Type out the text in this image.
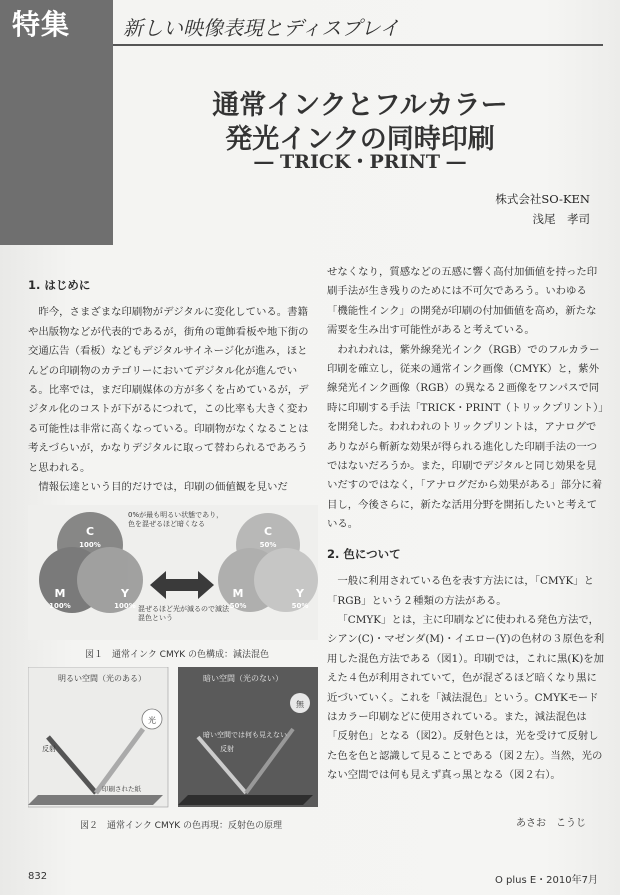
特集	新しい映像表現とディスプレイ
通常インクとフルカラー
発光インクの同時印刷
― TRICK・PRINT ―
株式会社SO-KEN
浅尾　孝司
1. はじめに

昨今，さまざまな印刷物がデジタルに変化している。書籍や出版物などが代表的であるが，街角の電飾看板や地下街の交通広告（看板）などもデジタルサイネージ化が進み，ほとんどの印刷物のカテゴリーにおいてデジタル化が進んでいる。比率では，まだ印刷媒体の方が多くを占めているが，デジタル化のコストが下がるにつれて，この比率も大きく変わる可能性は非常に高くなっている。印刷物がなくなることは考えづらいが，かなりデジタルに取って替わられるであろうと思われる。

情報伝達という目的だけでは，印刷の価値観を見いだ

せなくなり，質感などの五感に響く高付加価値を持った印刷手法が生き残りのためには不可欠であろう。いわゆる「機能性インク」の開発が印刷の付加価値を高め，新たな需要を生み出す可能性があると考えている。

われわれは，紫外線発光インク（RGB）でのフルカラー印刷を確立し，従来の通常インク画像（CMYK）と，紫外線発光インク画像（RGB）の異なる２画像をワンパスで同時に印刷する手法「TRICK・PRINT（トリックプリント）」を開発した。われわれのトリックプリントは，アナログでありながら斬新な効果が得られる進化した印刷手法の一つではないだろうか。また，印刷でデジタルと同じ効果を見いだすのではなく，「アナログだから効果がある」部分に着目し，今後さらに，新たな活用分野を開拓したいと考えている。

2. 色について

一般に利用されている色を表す方法には，「CMYK」と「RGB」という２種類の方法がある。

「CMYK」とは，主に印刷などに使われる発色方法で，シアン(C)・マゼンダ(M)・イエロー(Y)の色材の３原色を利用した混色方法である（図1）。印刷では，これに黒(K)を加えた４色が利用されていて，色が混ざるほど暗くなり黒に近づいていく。これを「減法混色」という。CMYKモードはカラー印刷などに使用されている。また，減法混色は「反射色」となる（図2）。反射色とは，光を受けて反射した色を色と認識して見ることである（図２左）。当然，光のない空間では何も見えず真っ黒となる（図２右）。

あさお　こうじ
C
100%
M
100%
Y
100%
C
50%
M
50%
Y
50%
0%が最も明るい状態であり，色を混ぜるほど暗くなる
混ぜるほど光が減るので減法混色という
図１　通常インク CMYK の色構成：減法混色
明るい空間（光のある）	暗い空間（光のない）
光
無
反射	反射
暗い空間では何も見えない
印刷された紙
図２　通常インク CMYK の色再現：反射色の原理
832	O plus E・2010年7月
